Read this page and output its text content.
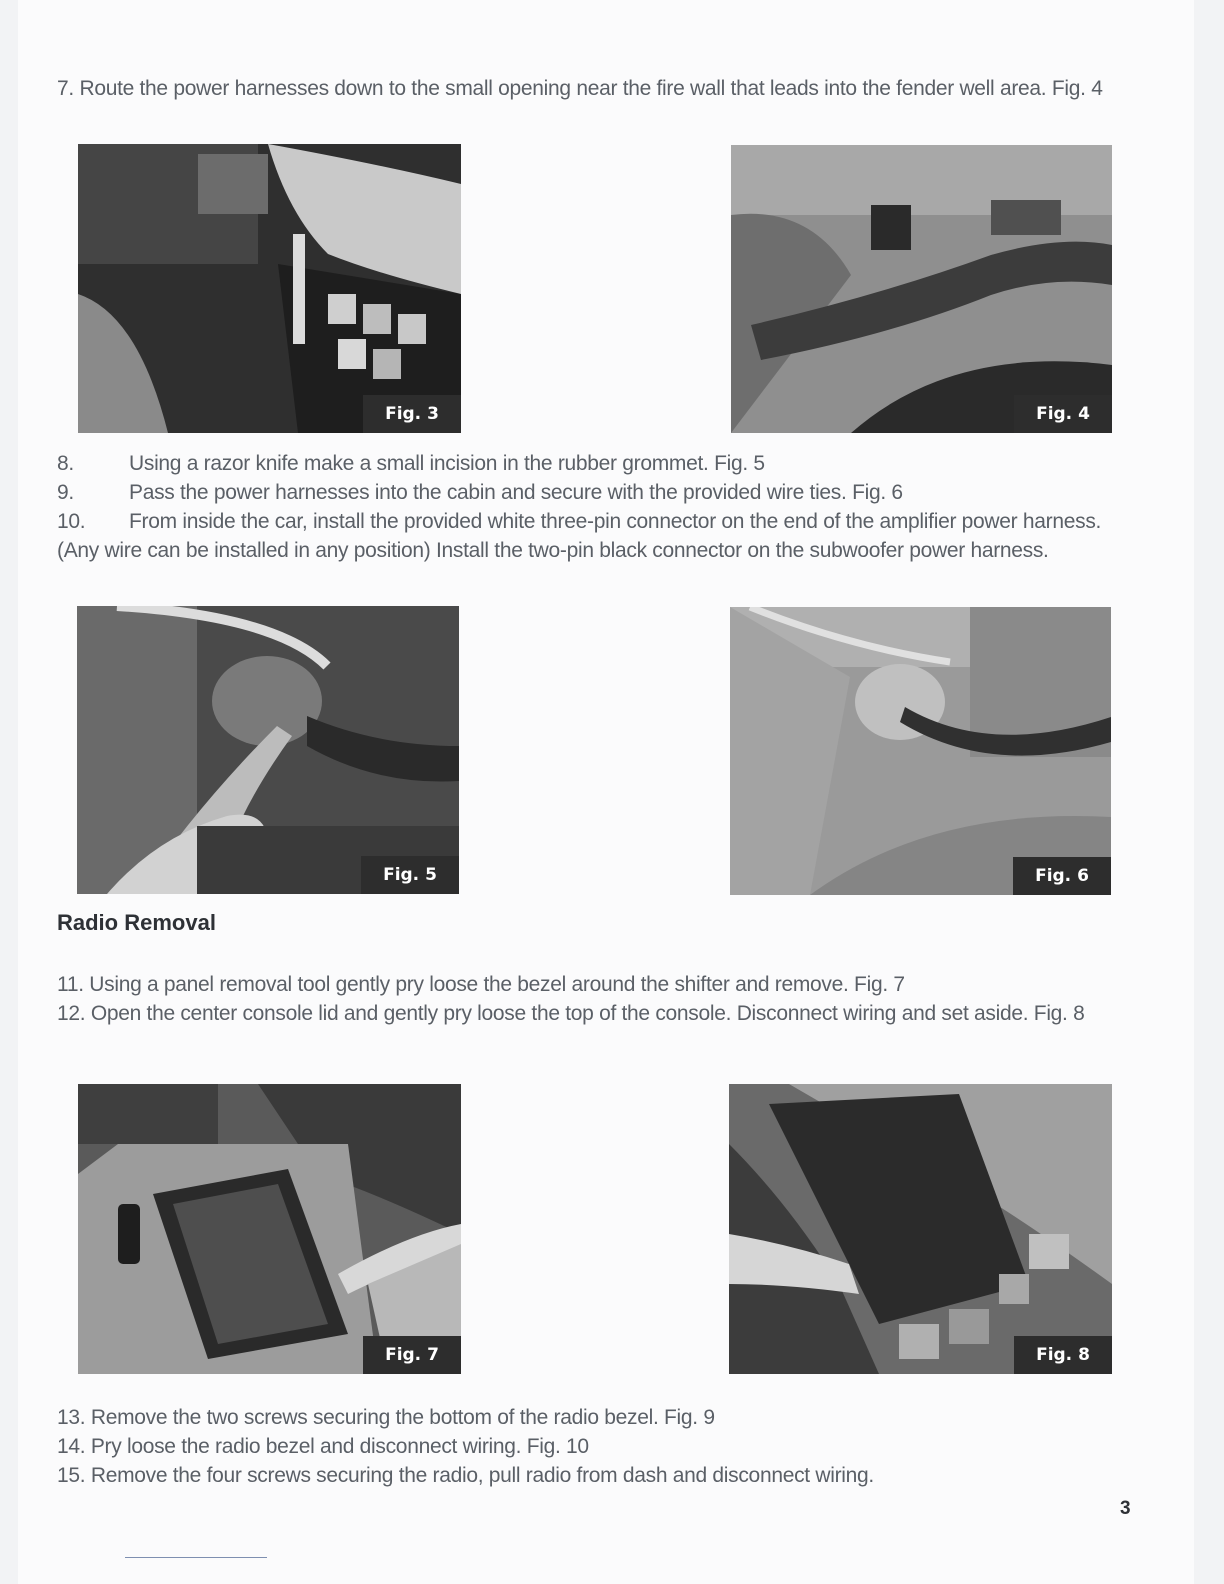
7. Route the power harnesses down to the small opening near the fire wall that leads into the fender well area. Fig. 4
Fig. 3	Fig. 4
8.	Using a razor knife make a small incision in the rubber grommet. Fig. 5
9.	Pass the power harnesses into the cabin and secure with the provided wire ties. Fig. 6
10. From inside the car, install the provided white three-pin connector on the end of the amplifier power harness. (Any wire can be installed in any position) Install the two-pin black connector on the subwoofer power harness.
Fig. 5	Fig. 6
Radio Removal
11. Using a panel removal tool gently pry loose the bezel around the shifter and remove. Fig. 7
12. Open the center console lid and gently pry loose the top of the console. Disconnect wiring and set aside. Fig. 8
Fig. 7	Fig. 8
13. Remove the two screws securing the bottom of the radio bezel. Fig. 9
14. Pry loose the radio bezel and disconnect wiring. Fig. 10
15. Remove the four screws securing the radio, pull radio from dash and disconnect wiring.
3
